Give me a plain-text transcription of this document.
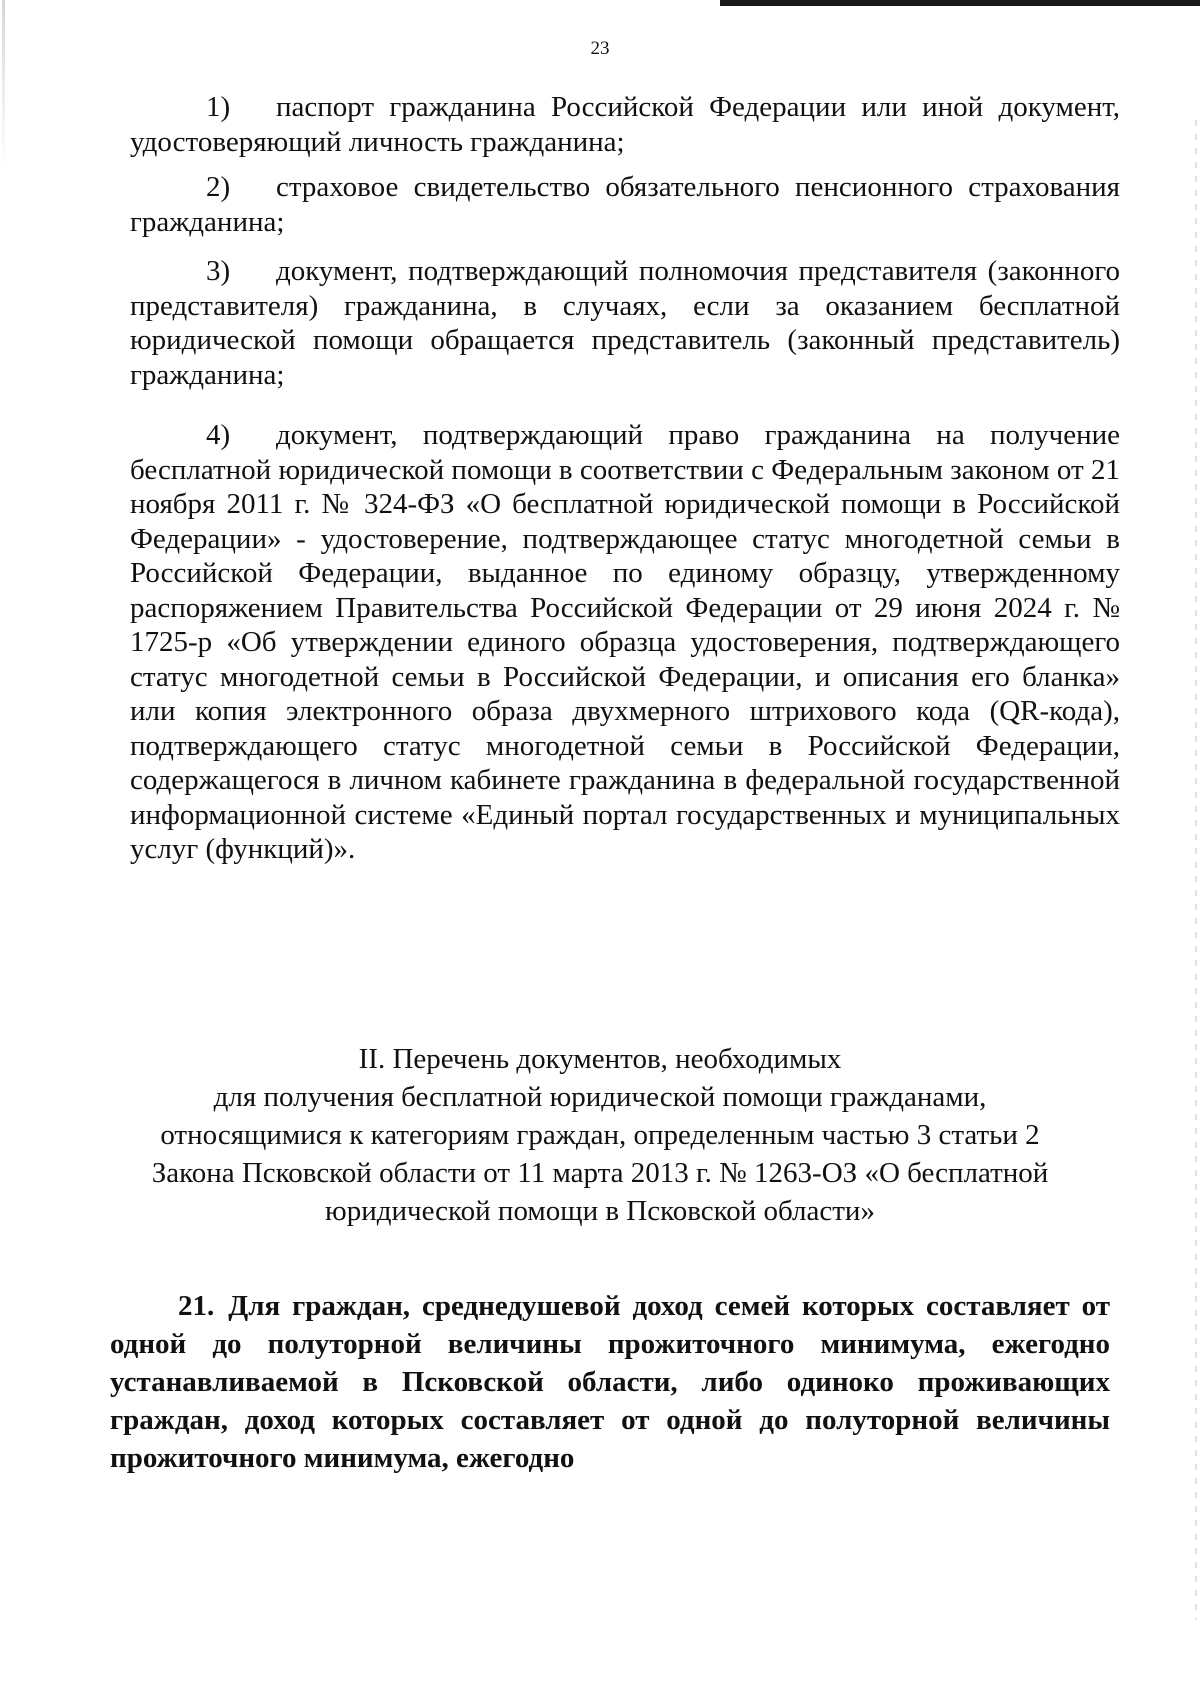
23

1) паспорт гражданина Российской Федерации или иной документ, удостоверяющий личность гражданина;

2) страховое свидетельство обязательного пенсионного страхования гражданина;

3) документ, подтверждающий полномочия представителя (законного представителя) гражданина, в случаях, если за оказанием бесплатной юридической помощи обращается представитель (законный представитель) гражданина;

4) документ, подтверждающий право гражданина на получение бесплатной юридической помощи в соответствии с Федеральным законом от 21 ноября 2011 г. № 324-ФЗ «О бесплатной юридической помощи в Российской Федерации» - удостоверение, подтверждающее статус многодетной семьи в Российской Федерации, выданное по единому образцу, утвержденному распоряжением Правительства Российской Федерации от 29 июня 2024 г. № 1725-р «Об утверждении единого образца удостоверения, подтверждающего статус многодетной семьи в Российской Федерации, и описания его бланка» или копия электронного образа двухмерного штрихового кода (QR-кода), подтверждающего статус многодетной семьи в Российской Федерации, содержащегося в личном кабинете гражданина в федеральной государственной информационной системе «Единый портал государственных и муниципальных услуг (функций)».

II. Перечень документов, необходимых
для получения бесплатной юридической помощи гражданами,
относящимися к категориям граждан, определенным частью 3 статьи 2
Закона Псковской области от 11 марта 2013 г. № 1263-ОЗ «О бесплатной
юридической помощи в Псковской области»

21. Для граждан, среднедушевой доход семей которых составляет от одной до полуторной величины прожиточного минимума, ежегодно устанавливаемой в Псковской области, либо одиноко проживающих граждан, доход которых составляет от одной до полуторной величины прожиточного минимума, ежегодно
